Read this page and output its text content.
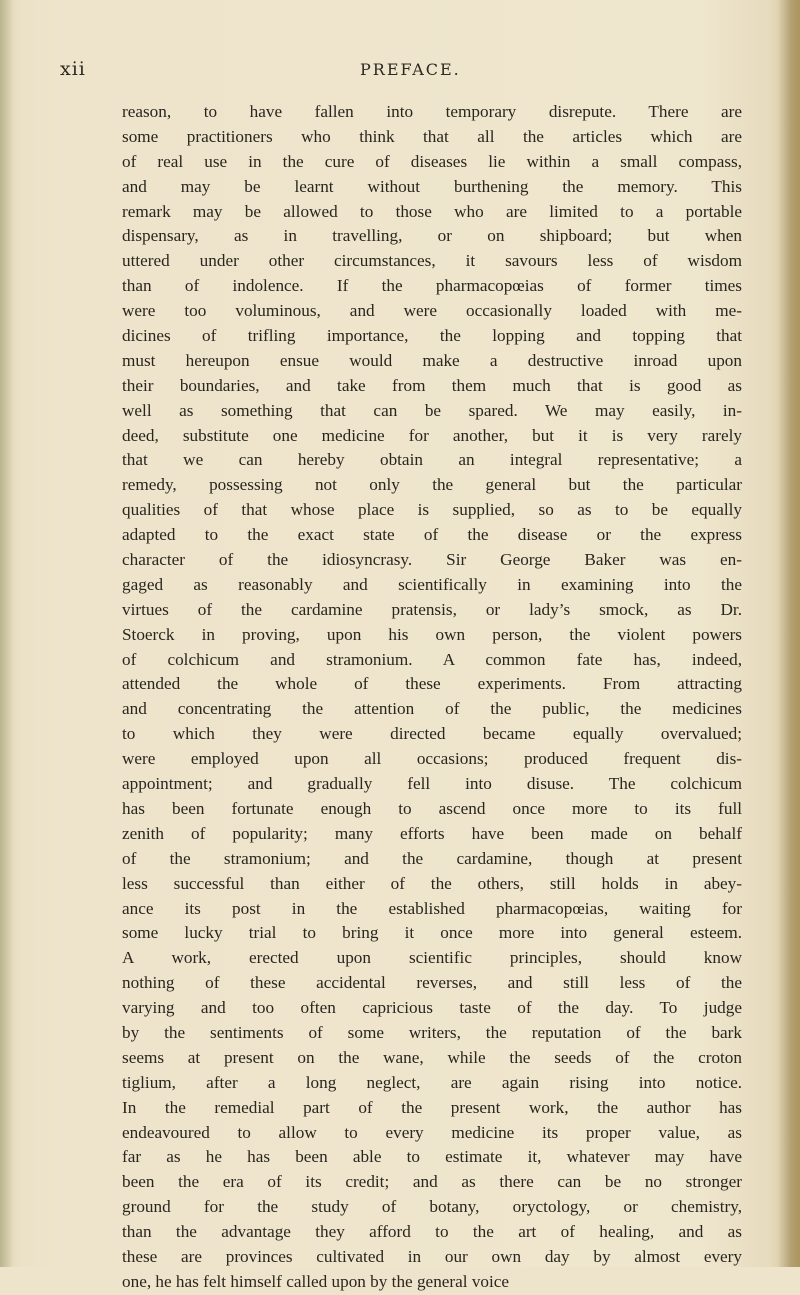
xii	PREFACE.
reason, to have fallen into temporary disrepute. There are
some practitioners who think that all the articles which are
of real use in the cure of diseases lie within a small compass,
and may be learnt without burthening the memory. This
remark may be allowed to those who are limited to a portable
dispensary, as in travelling, or on shipboard; but when
uttered under other circumstances, it savours less of wisdom
than of indolence. If the pharmacopœias of former times
were too voluminous, and were occasionally loaded with me-
dicines of trifling importance, the lopping and topping that
must hereupon ensue would make a destructive inroad upon
their boundaries, and take from them much that is good as
well as something that can be spared. We may easily, in-
deed, substitute one medicine for another, but it is very rarely
that we can hereby obtain an integral representative; a
remedy, possessing not only the general but the particular
qualities of that whose place is supplied, so as to be equally
adapted to the exact state of the disease or the express
character of the idiosyncrasy. Sir George Baker was en-
gaged as reasonably and scientifically in examining into the
virtues of the cardamine pratensis, or lady’s smock, as Dr.
Stoerck in proving, upon his own person, the violent powers
of colchicum and stramonium. A common fate has, indeed,
attended the whole of these experiments. From attracting
and concentrating the attention of the public, the medicines
to which they were directed became equally overvalued;
were employed upon all occasions; produced frequent dis-
appointment; and gradually fell into disuse. The colchicum
has been fortunate enough to ascend once more to its full
zenith of popularity; many efforts have been made on behalf
of the stramonium; and the cardamine, though at present
less successful than either of the others, still holds in abey-
ance its post in the established pharmacopœias, waiting for
some lucky trial to bring it once more into general esteem.
A work, erected upon scientific principles, should know
nothing of these accidental reverses, and still less of the
varying and too often capricious taste of the day. To judge
by the sentiments of some writers, the reputation of the bark
seems at present on the wane, while the seeds of the croton
tiglium, after a long neglect, are again rising into notice.
In the remedial part of the present work, the author has
endeavoured to allow to every medicine its proper value, as
far as he has been able to estimate it, whatever may have
been the era of its credit; and as there can be no stronger
ground for the study of botany, oryctology, or chemistry,
than the advantage they afford to the art of healing, and as
these are provinces cultivated in our own day by almost every
one, he has felt himself called upon by the general voice
